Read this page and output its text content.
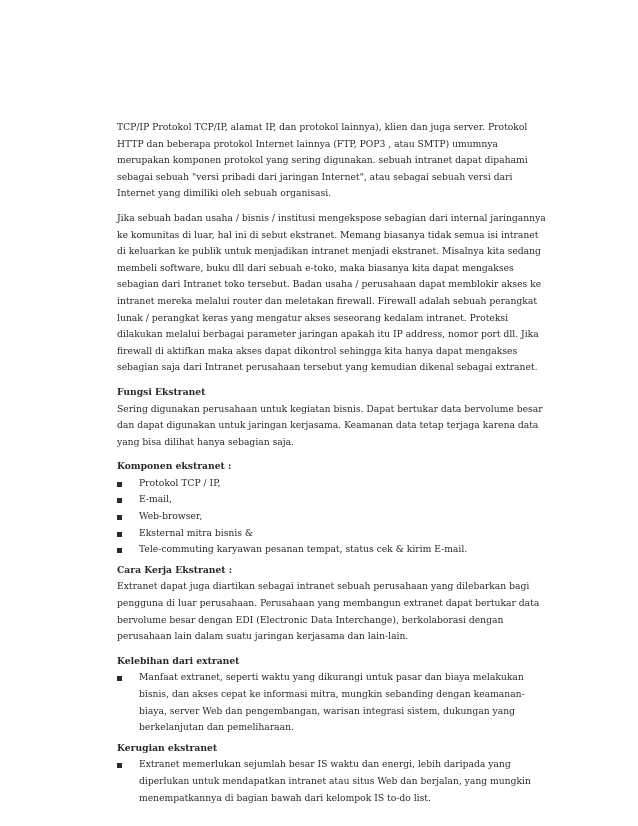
TCP/IP Protokol TCP/IP, alamat IP, dan protokol lainnya), klien dan juga server. Protokol HTTP dan beberapa protokol Internet lainnya (FTP, POP3 , atau SMTP) umumnya merupakan komponen protokol yang sering digunakan. sebuah intranet dapat dipahami sebagai sebuah "versi pribadi dari jaringan Internet", atau sebagai sebuah versi dari Internet yang dimiliki oleh sebuah organisasi.

Jika sebuah badan usaha / bisnis / institusi mengekspose sebagian dari internal jaringannya ke komunitas di luar, hal ini di sebut ekstranet. Memang biasanya tidak semua isi intranet di keluarkan ke publik untuk menjadikan intranet menjadi ekstranet. Misalnya kita sedang membeli software, buku dll dari sebuah e-toko, maka biasanya kita dapat mengakses sebagian dari Intranet toko tersebut. Badan usaha / perusahaan dapat memblokir akses ke intranet mereka melalui router dan meletakan firewall. Firewall adalah sebuah perangkat lunak / perangkat keras yang mengatur akses seseorang kedalam intranet. Proteksi dilakukan melalui berbagai parameter jaringan apakah itu IP address, nomor port dll. Jika firewall di aktifkan maka akses dapat dikontrol sehingga kita hanya dapat mengakses sebagian saja dari Intranet perusahaan tersebut yang kemudian dikenal sebagai extranet.

Fungsi Ekstranet

Sering digunakan perusahaan untuk kegiatan bisnis. Dapat bertukar data bervolume besar dan dapat digunakan untuk jaringan kerjasama. Keamanan data tetap terjaga karena data yang bisa dilihat hanya sebagian saja.

Komponen ekstranet :
Protokol TCP / IP,
E-mail,
Web-browser,
Eksternal mitra bisnis &
Tele-commuting karyawan pesanan tempat, status cek & kirim E-mail.
Cara Kerja Ekstranet :

Extranet dapat juga diartikan sebagai intranet sebuah perusahaan yang dilebarkan bagi pengguna di luar perusahaan. Perusahaan yang membangun extranet dapat bertukar data bervolume besar dengan EDI (Electronic Data Interchange), berkolaborasi dengan perusahaan lain dalam suatu jaringan kerjasama dan lain-lain.

Kelebihan dari extranet
Manfaat extranet, seperti waktu yang dikurangi untuk pasar dan biaya melakukan bisnis, dan akses cepat ke informasi mitra, mungkin sebanding dengan keamanan-biaya, server Web dan pengembangan, warisan integrasi sistem, dukungan yang berkelanjutan dan pemeliharaan.
Kerugian ekstranet
Extranet memerlukan sejumlah besar IS waktu dan energi, lebih daripada yang diperlukan untuk mendapatkan intranet atau situs Web dan berjalan, yang mungkin menempatkannya di bagian bawah dari kelompok IS to-do list.
